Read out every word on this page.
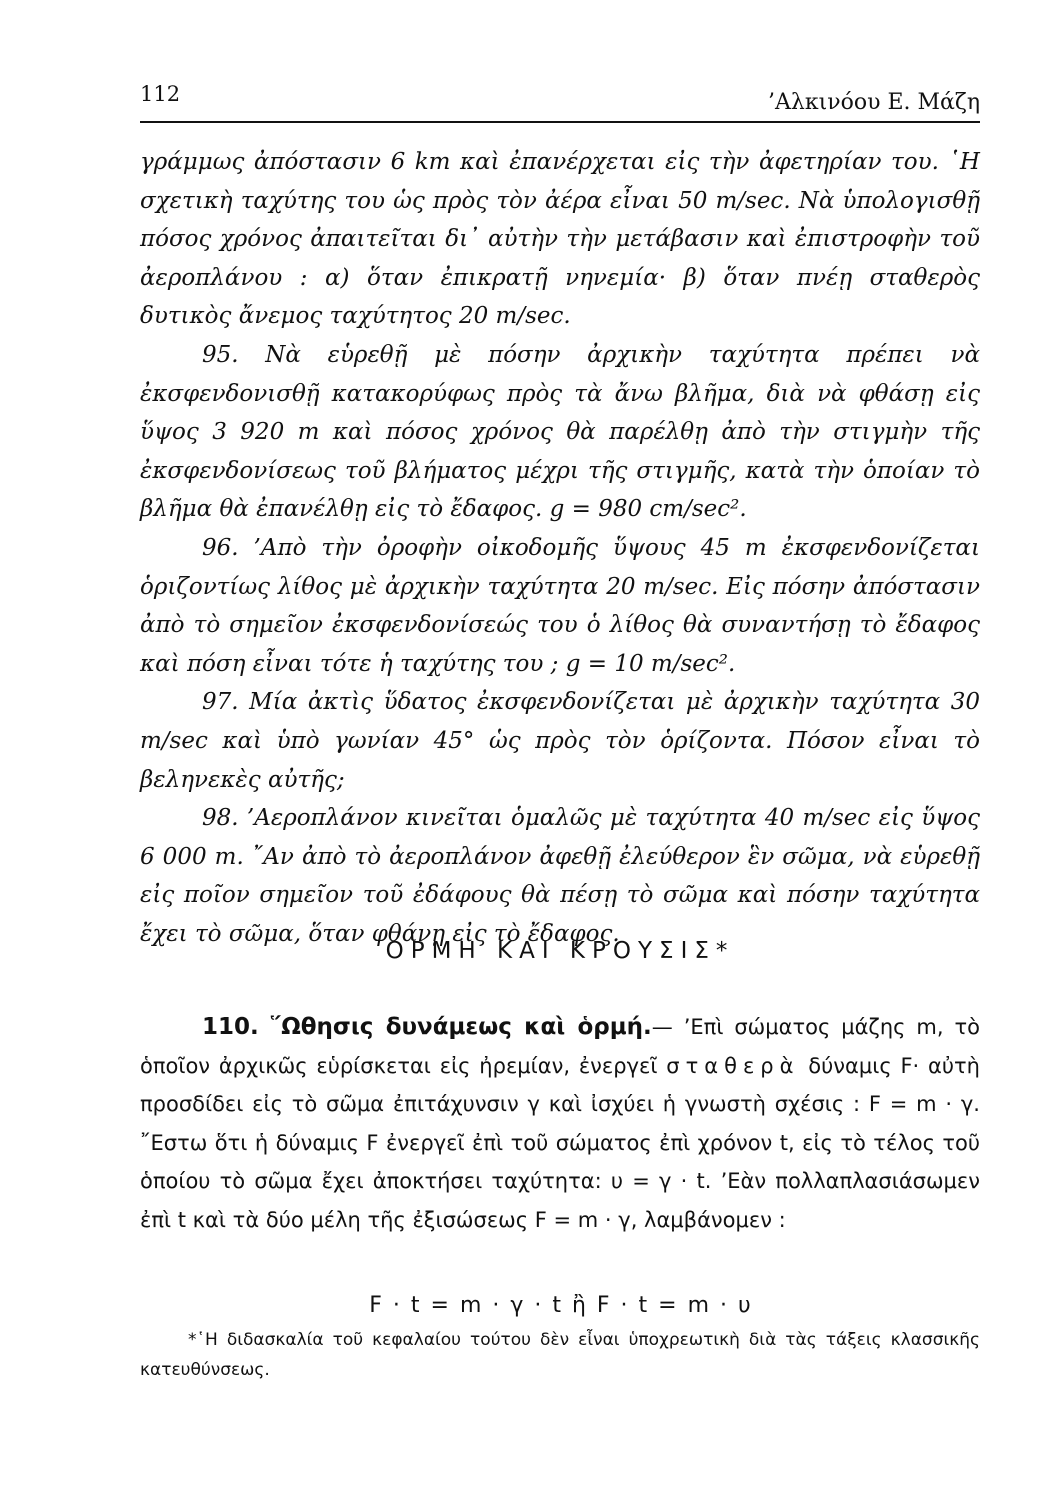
112	’Αλκινόου Ε. Μάζη

γράμμως ἀπόστασιν 6 km καὶ ἐπανέρχεται εἰς τὴν ἀφετηρίαν του. ῾Η σχετικὴ ταχύτης του ὡς πρὸς τὸν ἀέρα εἶναι 50 m/sec. Νὰ ὑπολογισθῇ πόσος χρόνος ἀπαιτεῖται δι᾽ αὐτὴν τὴν μετάβασιν καὶ ἐπιστροφὴν τοῦ ἀεροπλάνου : α) ὅταν ἐπικρατῇ νηνεμία· β) ὅταν πνέῃ σταθερὸς δυτικὸς ἄνεμος ταχύτητος 20 m/sec.

95. Νὰ εὑρεθῇ μὲ πόσην ἀρχικὴν ταχύτητα πρέπει νὰ ἐκσφενδονισθῇ κατακορύφως πρὸς τὰ ἄνω βλῆμα, διὰ νὰ φθάσῃ εἰς ὕψος 3 920 m καὶ πόσος χρόνος θὰ παρέλθῃ ἀπὸ τὴν στιγμὴν τῆς ἐκσφενδονίσεως τοῦ βλήματος μέχρι τῆς στιγμῆς, κατὰ τὴν ὁποίαν τὸ βλῆμα θὰ ἐπανέλθῃ εἰς τὸ ἔδαφος. g = 980 cm/sec².

96. ’Απὸ τὴν ὀροφὴν οἰκοδομῆς ὕψους 45 m ἐκσφενδονίζεται ὁριζοντίως λίθος μὲ ἀρχικὴν ταχύτητα 20 m/sec. Εἰς πόσην ἀπόστασιν ἀπὸ τὸ σημεῖον ἐκσφενδονίσεώς του ὁ λίθος θὰ συναντήσῃ τὸ ἔδαφος καὶ πόση εἶναι τότε ἡ ταχύτης του ; g = 10 m/sec².

97. Μία ἀκτὶς ὕδατος ἐκσφενδονίζεται μὲ ἀρχικὴν ταχύτητα 30 m/sec καὶ ὑπὸ γωνίαν 45° ὡς πρὸς τὸν ὁρίζοντα. Πόσον εἶναι τὸ βεληνεκὲς αὐτῆς;

98. ’Αεροπλάνον κινεῖται ὁμαλῶς μὲ ταχύτητα 40 m/sec εἰς ὕψος 6 000 m. ῎Αν ἀπὸ τὸ ἀεροπλάνον ἀφεθῇ ἐλεύθερον ἓν σῶμα, νὰ εὑρεθῇ εἰς ποῖον σημεῖον τοῦ ἐδάφους θὰ πέσῃ τὸ σῶμα καὶ πόσην ταχύτητα ἔχει τὸ σῶμα, ὅταν φθάνῃ εἰς τὸ ἔδαφος.

ΟΡΜΗ ΚΑΙ ΚΡΟΥΣΙΣ*

110. ῞Ωθησις δυνάμεως καὶ ὁρμή.— ’Επὶ σώματος μάζης m, τὸ ὁποῖον ἀρχικῶς εὑρίσκεται εἰς ἠρεμίαν, ἐνεργεῖ σταθερὰ δύναμις F· αὐτὴ προσδίδει εἰς τὸ σῶμα ἐπιτάχυνσιν γ καὶ ἰσχύει ἡ γνωστὴ σχέσις : F = m · γ. ῎Εστω ὅτι ἡ δύναμις F ἐνεργεῖ ἐπὶ τοῦ σώματος ἐπὶ χρόνον t, εἰς τὸ τέλος τοῦ ὁποίου τὸ σῶμα ἔχει ἀποκτήσει ταχύτητα: υ = γ · t. ’Εὰν πολλαπλασιάσωμεν ἐπὶ t καὶ τὰ δύο μέλη τῆς ἐξισώσεως F = m · γ, λαμβάνομεν :

F · t = m · γ · t ἢ F · t = m · υ

*῾Η διδασκαλία τοῦ κεφαλαίου τούτου δὲν εἶναι ὑποχρεωτικὴ διὰ τὰς τάξεις κλασσικῆς κατευθύνσεως.
